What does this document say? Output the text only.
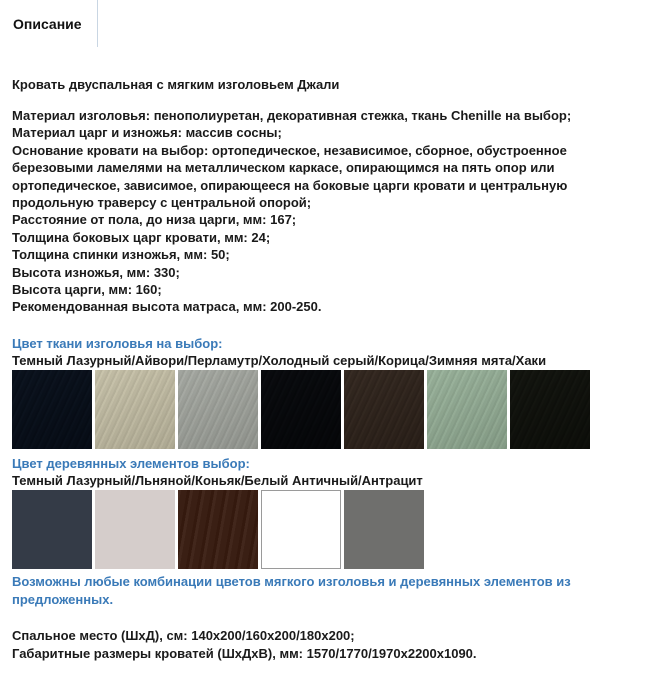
Описание
Кровать двуспальная с мягким изголовьем Джали
Материал изголовья: пенополиуретан, декоративная стежка, ткань Chenille на выбор;
Материал царг и изножья: массив сосны;
Основание кровати на выбор: ортопедическое, независимое, сборное, обустроенное березовыми ламелями на металлическом каркасе, опирающимся на пять опор или ортопедическое, зависимое, опирающееся на боковые царги кровати и центральную продольную траверсу с центральной опорой;
Расстояние от пола, до низа царги, мм: 167;
Толщина боковых царг кровати, мм: 24;
Толщина спинки изножья, мм: 50;
Высота изножья, мм: 330;
Высота царги, мм: 160;
Рекомендованная высота матраса, мм: 200-250.
Цвет ткани изголовья на выбор:
Темный Лазурный/Айвори/Перламутр/Холодный серый/Корица/Зимняя мята/Хаки
Цвет деревянных элементов выбор:
Темный Лазурный/Льняной/Коньяк/Белый Античный/Антрацит
Возможны любые комбинации цветов мягкого изголовья и деревянных элементов из предложенных.
Спальное место (ШхД), см: 140x200/160x200/180x200;
Габаритные размеры кроватей (ШхДхВ), мм: 1570/1770/1970x2200x1090.
